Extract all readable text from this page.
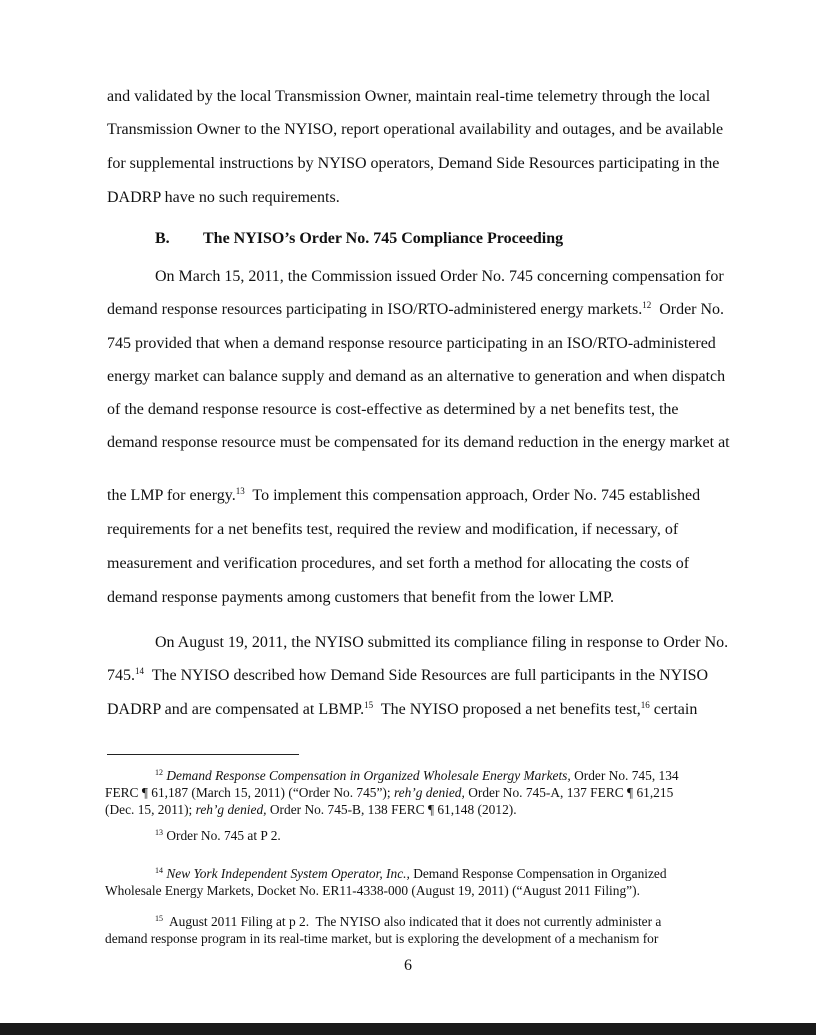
and validated by the local Transmission Owner, maintain real-time telemetry through the local
Transmission Owner to the NYISO, report operational availability and outages, and be available
for supplemental instructions by NYISO operators, Demand Side Resources participating in the
DADRP have no such requirements.
B. The NYISO’s Order No. 745 Compliance Proceeding
On March 15, 2011, the Commission issued Order No. 745 concerning compensation for
demand response resources participating in ISO/RTO-administered energy markets.$^{12}$  Order No.
745 provided that when a demand response resource participating in an ISO/RTO-administered
energy market can balance supply and demand as an alternative to generation and when dispatch
of the demand response resource is cost-effective as determined by a net benefits test, the
demand response resource must be compensated for its demand reduction in the energy market at
the LMP for energy.$^{13}$  To implement this compensation approach, Order No. 745 established
requirements for a net benefits test, required the review and modification, if necessary, of
measurement and verification procedures, and set forth a method for allocating the costs of
demand response payments among customers that benefit from the lower LMP.
On August 19, 2011, the NYISO submitted its compliance filing in response to Order No.
745.14  The NYISO described how Demand Side Resources are full participants in the NYISO
DADRP and are compensated at LBMP.$^{15}$  The NYISO proposed a net benefits test,$^{16}$ certain
$^{12}$ Demand Response Compensation in Organized Wholesale Energy Markets, Order No. 745, 134
FERC ¶ 61,187 (March 15, 2011) (“Order No. 745”); reh’g denied, Order No. 745-A, 137 FERC ¶ 61,215
(Dec. 15, 2011); reh’g denied, Order No. 745-B, 138 FERC ¶ 61,148 (2012).
$^{13}$ Order No. 745 at P 2.
$^{14}$ New York Independent System Operator, Inc., Demand Response Compensation in Organized
Wholesale Energy Markets, Docket No. ER11-4338-000 (August 19, 2011) (“August 2011 Filing”).
$^{15}$  August 2011 Filing at p 2.  The NYISO also indicated that it does not currently administer a
demand response program in its real-time market, but is exploring the development of a mechanism for
6
